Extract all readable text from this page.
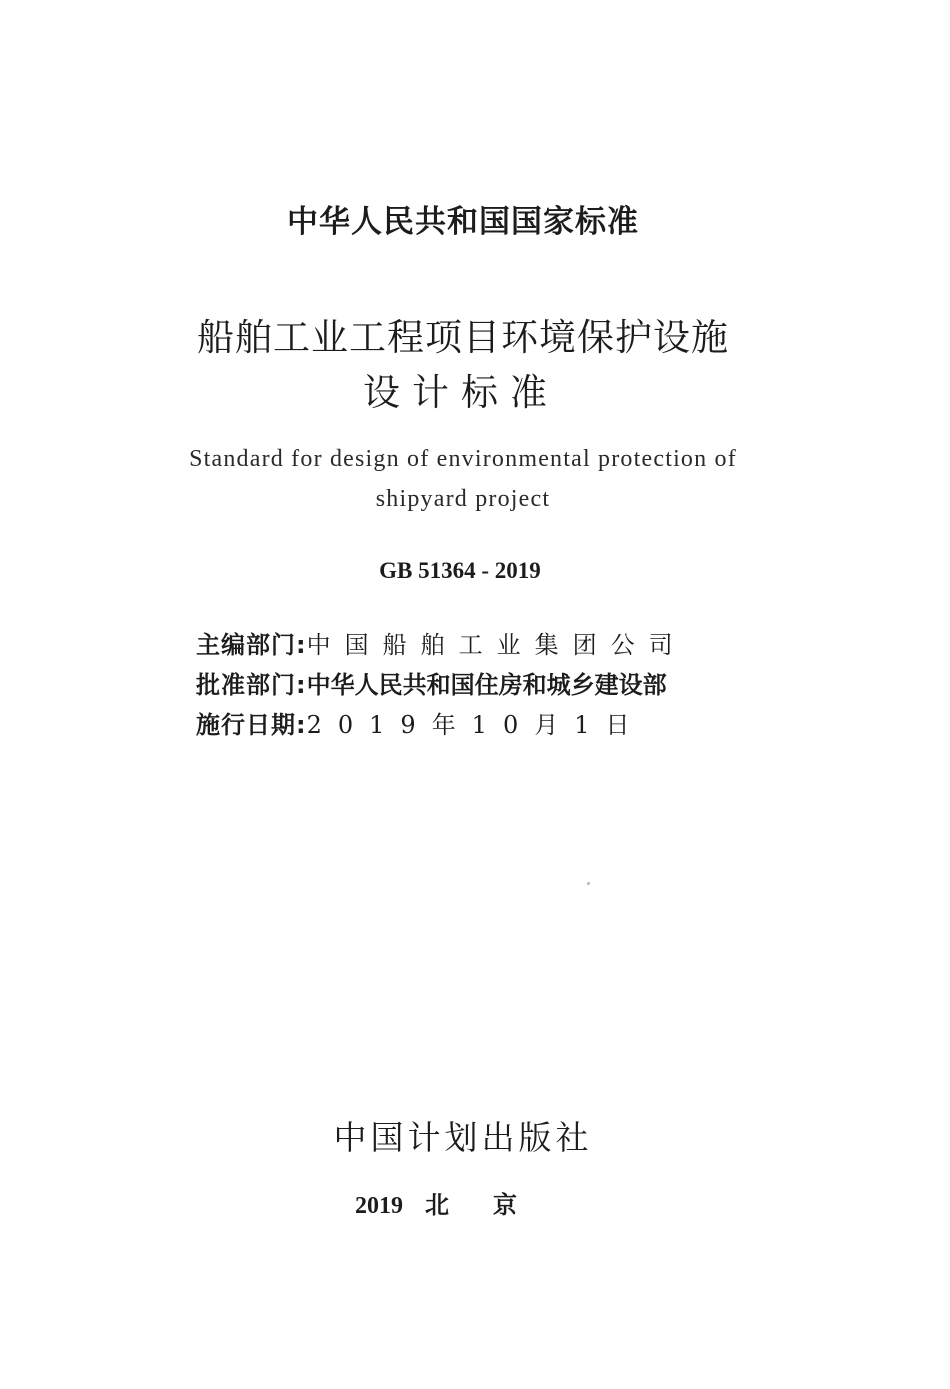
中华人民共和国国家标准
船舶工业工程项目环境保护设施
设计标准
Standard for design of environmental protection of
shipyard project
GB 51364 - 2019
主编部门: 中国船舶工业集团公司
批准部门: 中华人民共和国住房和城乡建设部
施行日期: 2019年10月1日
中国计划出版社
2019 北京
